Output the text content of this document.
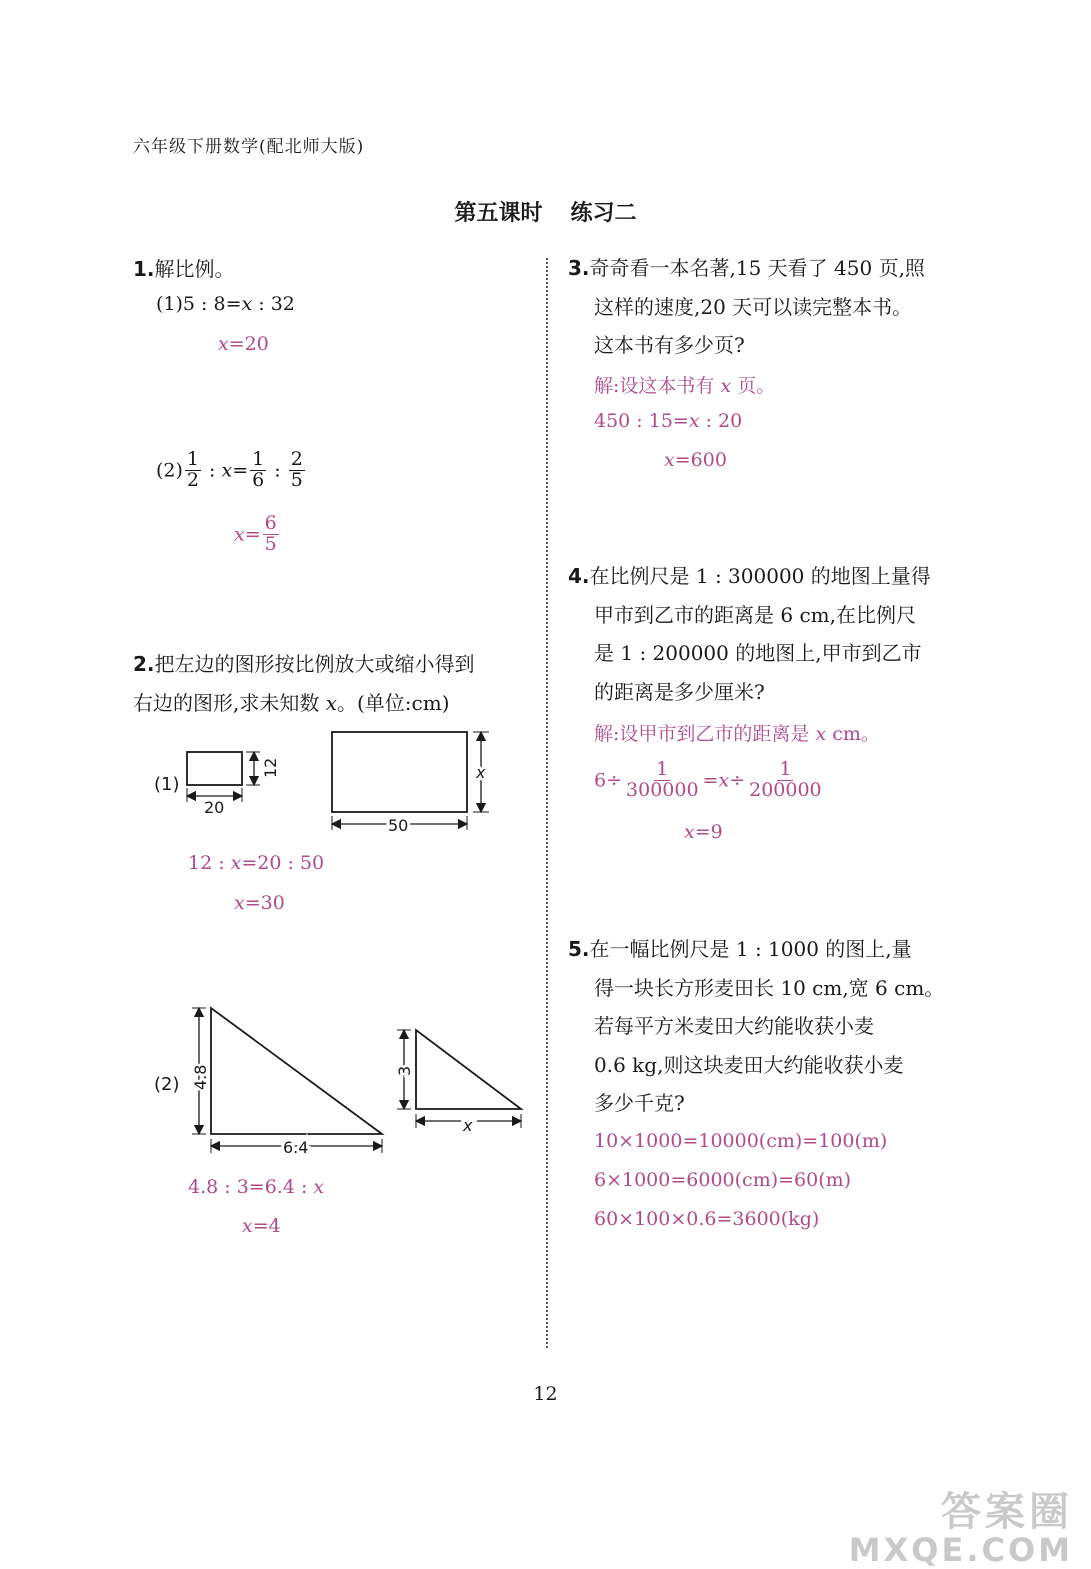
六年级下册数学(配北师大版)
第五课时 练习二
1.解比例。
(1)5 : 8=x : 32
x=20
$(2) \frac{1}{2}$ : $x= \frac{1}{6}$ : $\frac{2}{5}$
$x= \frac{6}{5}$
2.把左边的图形按比例放大或缩小得到
右边的图形,求未知数 x。(单位:cm)
(1)
20
12
50
x
12 : x=20 : 50
x=30
(2) 4.8
6.4
3
x
4.8 : 3=6.4 : x
x=4
3.奇奇看一本名著,15 天看了 450 页,照
这样的速度,20 天可以读完整本书。
这本书有多少页?
解:设这本书有 x 页。
450 : 15=x : 20
x=600
4.在比例尺是 1 : 300000 的地图上量得
甲市到乙市的距离是 6 cm,在比例尺
是 1 : 200000 的地图上,甲市到乙市
的距离是多少厘米?
解:设甲市到乙市的距离是 x cm。
$6\div \frac{1}{300000} =x\div \frac{1}{200000}$
x=9
5.在一幅比例尺是 1 : 1000 的图上,量
得一块长方形麦田长 10 cm,宽 6 cm。
若每平方米麦田大约能收获小麦
0.6 kg,则这块麦田大约能收获小麦
多少千克?
10×1000=10000(cm)=100(m)
6×1000=6000(cm)=60(m)
60×100×0.6=3600(kg)
12
答案圈
MXQE.COM
